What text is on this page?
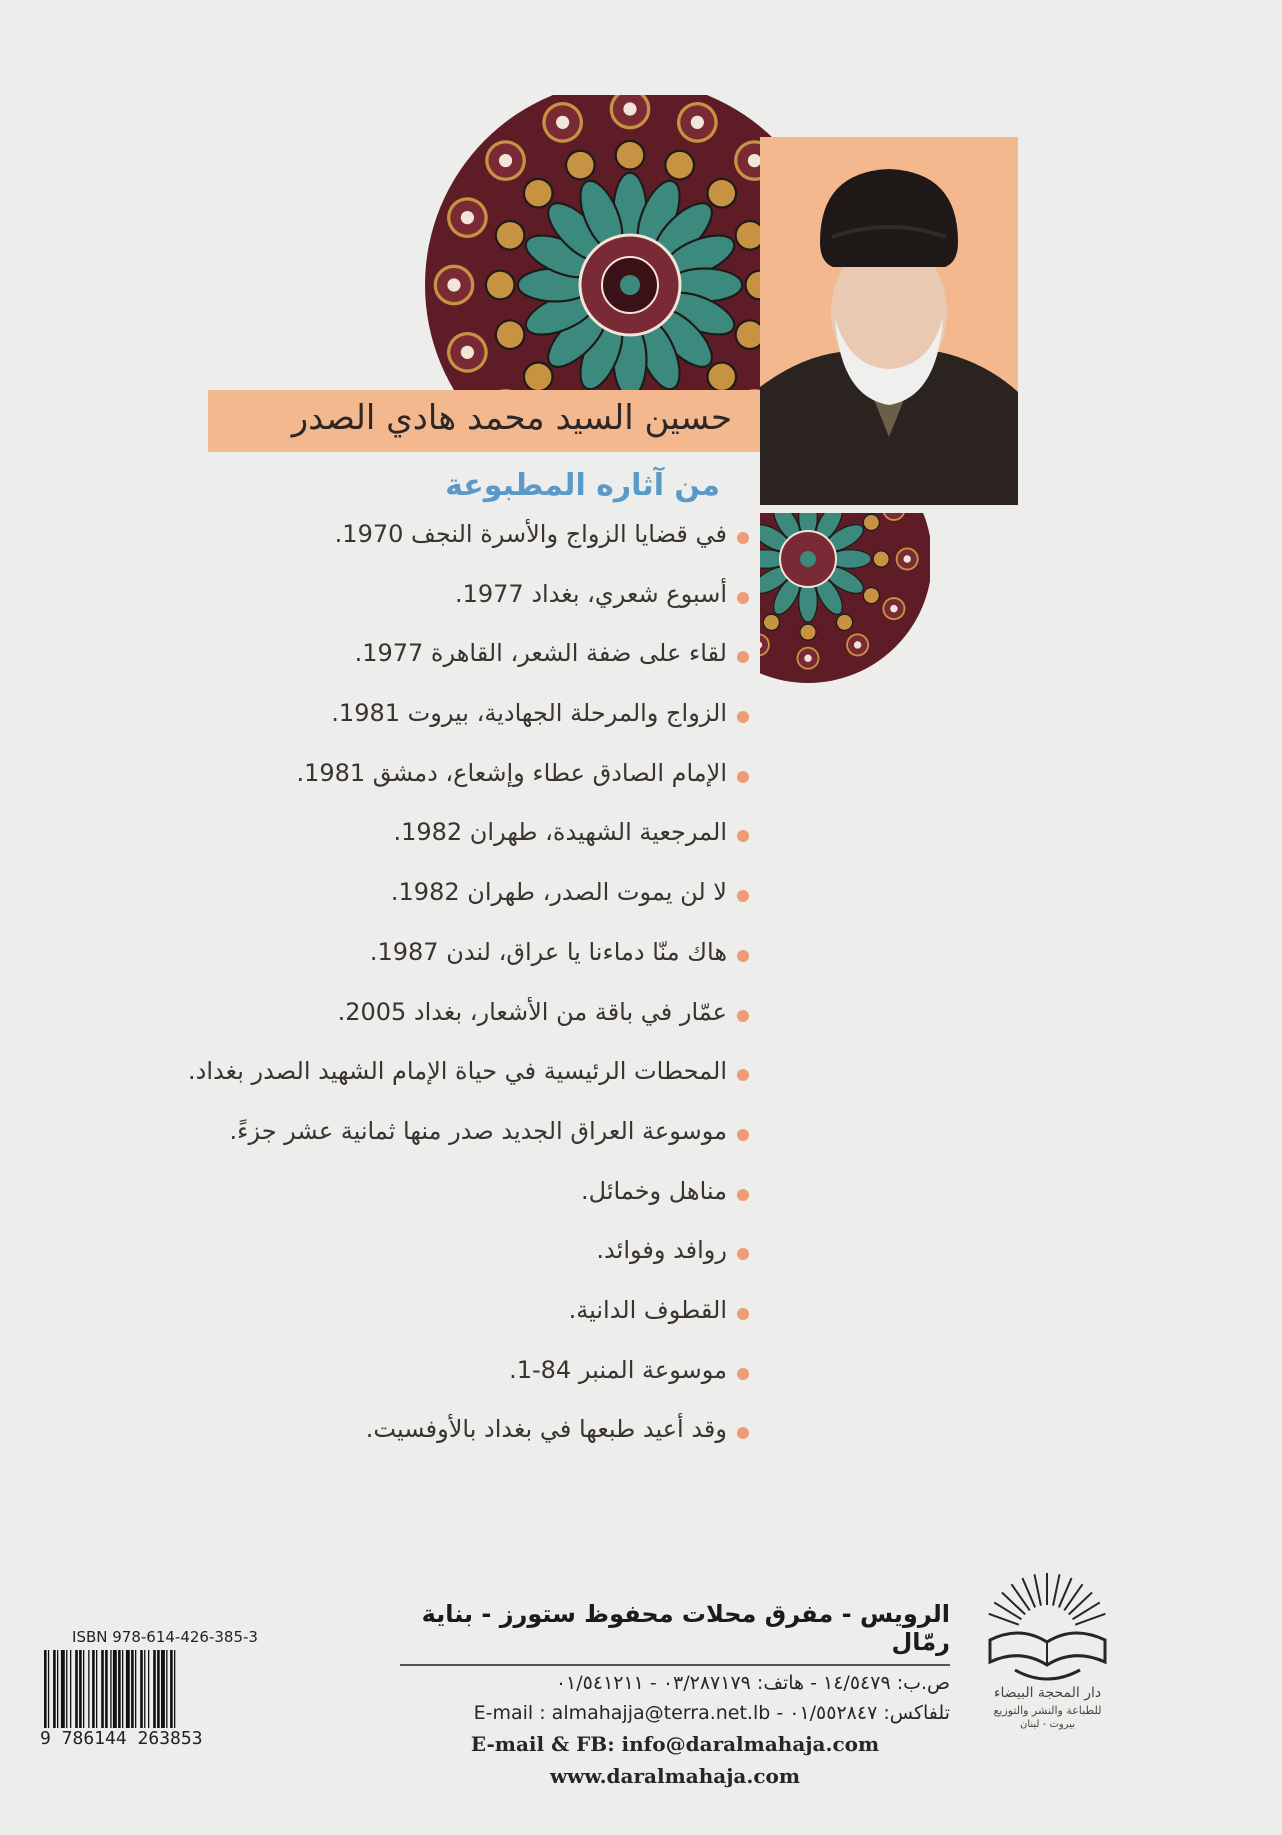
حسين السيد محمد هادي الصدر
من آثاره المطبوعة
في قضايا الزواج والأسرة النجف 1970.
أسبوع شعري، بغداد 1977.
لقاء على ضفة الشعر، القاهرة 1977.
الزواج والمرحلة الجهادية، بيروت 1981.
الإمام الصادق عطاء وإشعاع، دمشق 1981.
المرجعية الشهيدة، طهران 1982.
لا لن يموت الصدر، طهران 1982.
هاك منّا دماءنا يا عراق، لندن 1987.
عمّار في باقة من الأشعار، بغداد 2005.
المحطات الرئيسية في حياة الإمام الشهيد الصدر بغداد.
موسوعة العراق الجديد صدر منها ثمانية عشر جزءً.
مناهل وخمائل.
روافد وفوائد.
القطوف الدانية.
موسوعة المنبر 84-1.
وقد أعيد طبعها في بغداد بالأوفسيت.
دار المحجة البيضاء
للطباعة والنشر والتوزيع
بيروت - لبنان
الرويس - مفرق محلات محفوظ ستورز - بناية رمّال
ص.ب: ١٤/٥٤٧٩ - هاتف: ٠٣/٢٨٧١٧٩ - ٠١/٥٤١٢١١
تلفاكس: ٠١/٥٥٢٨٤٧ - E-mail : almahajja@terra.net.lb
E-mail & FB: info@daralmahaja.com
www.daralmahaja.com
ISBN 978-614-426-385-3
9 786144 263853
